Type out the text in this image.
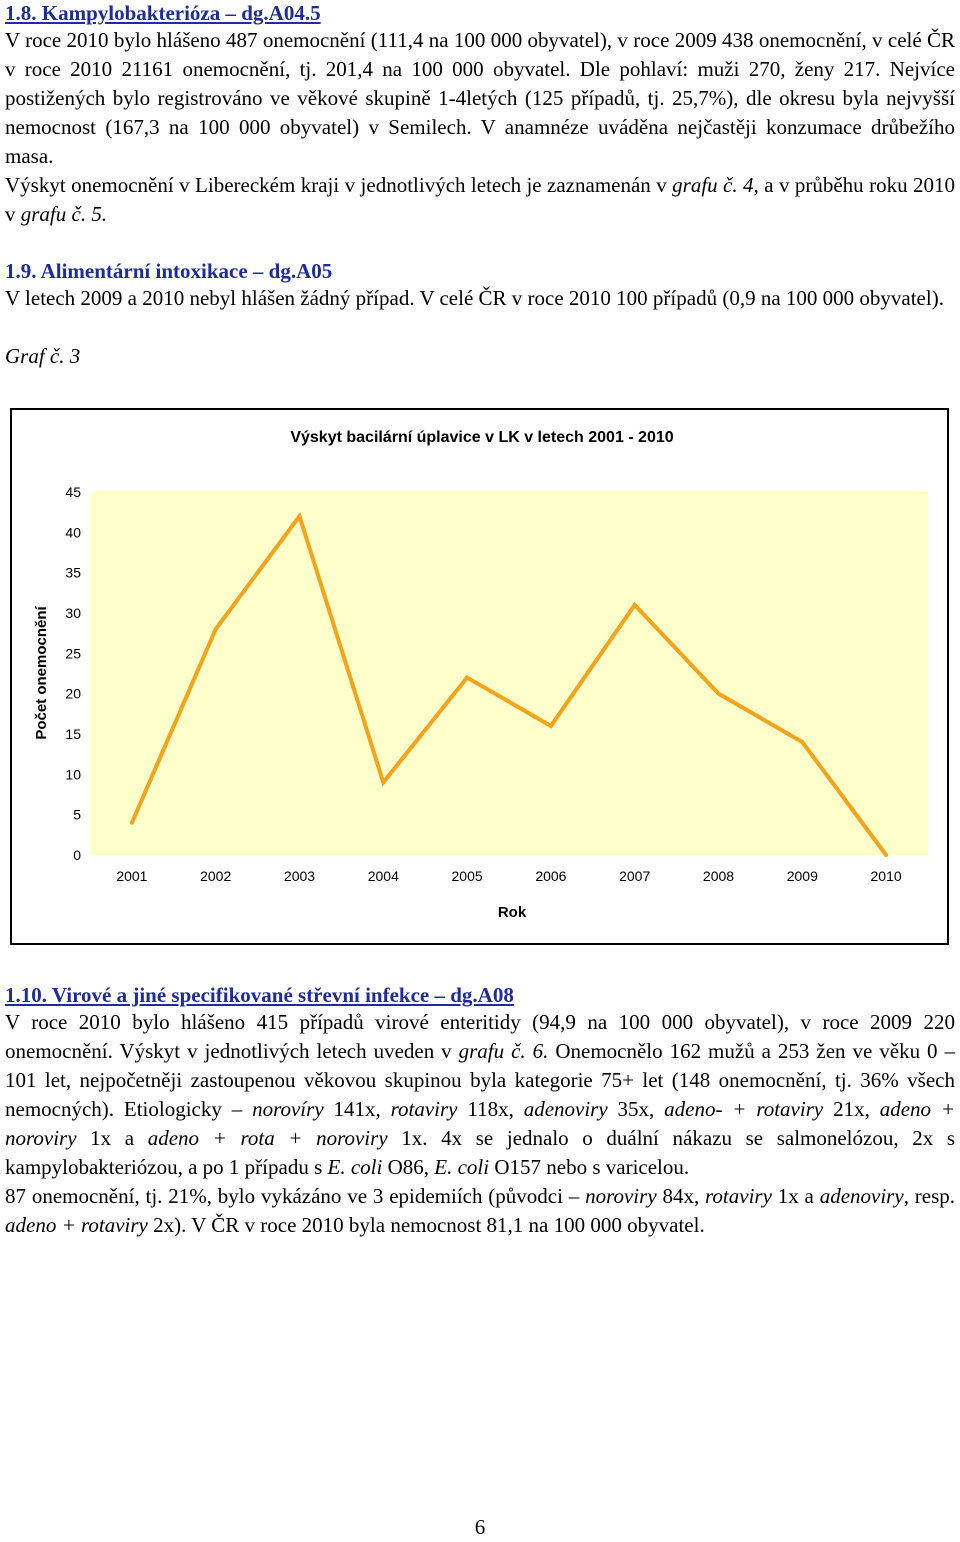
1.8. Kampylobakterióza – dg.A04.5

V roce 2010 bylo hlášeno 487 onemocnění (111,4 na 100 000 obyvatel), v roce 2009 438 onemocnění, v celé ČR v roce 2010 21161 onemocnění, tj. 201,4 na 100 000 obyvatel. Dle pohlaví: muži 270, ženy 217. Nejvíce postižených bylo registrováno ve věkové skupině 1-4letých (125 případů, tj. 25,7%), dle okresu byla nejvyšší nemocnost (167,3 na 100 000 obyvatel) v Semilech. V anamnéze uváděna nejčastěji konzumace drůbežího masa.

Výskyt onemocnění v Libereckém kraji v jednotlivých letech je zaznamenán v grafu č. 4, a v průběhu roku 2010 v grafu č. 5.

1.9. Alimentární intoxikace – dg.A05

V letech 2009 a 2010 nebyl hlášen žádný případ. V celé ČR v roce 2010 100 případů (0,9 na 100 000 obyvatel).

Graf č. 3
Výskyt bacilární úplavice v LK v letech 2001 - 2010
Počet onemocnění
Rok
0
5
10
15
20
25
30
35
40
45
2001	2002	2003	2004	2005	2006	2007	2008	2009	2010
1.10. Virové a jiné specifikované střevní infekce – dg.A08

V roce 2010 bylo hlášeno 415 případů virové enteritidy (94,9 na 100 000 obyvatel), v roce 2009 220 onemocnění. Výskyt v jednotlivých letech uveden v grafu č. 6. Onemocnělo 162 mužů a 253 žen ve věku 0 – 101 let, nejpočetněji zastoupenou věkovou skupinou byla kategorie 75+ let (148 onemocnění, tj. 36% všech nemocných). Etiologicky – norovíry 141x, rotaviry 118x, adenoviry 35x, adeno- + rotaviry 21x, adeno + noroviry 1x a adeno + rota + noroviry 1x. 4x se jednalo o duální nákazu se salmonelózou, 2x s kampylobakteriózou, a po 1 případu s E. coli O86, E. coli O157 nebo s varicelou.

87 onemocnění, tj. 21%, bylo vykázáno ve 3 epidemiích (původci – noroviry 84x, rotaviry 1x a adenoviry, resp. adeno + rotaviry 2x). V ČR v roce 2010 byla nemocnost 81,1 na 100 000 obyvatel.

6
